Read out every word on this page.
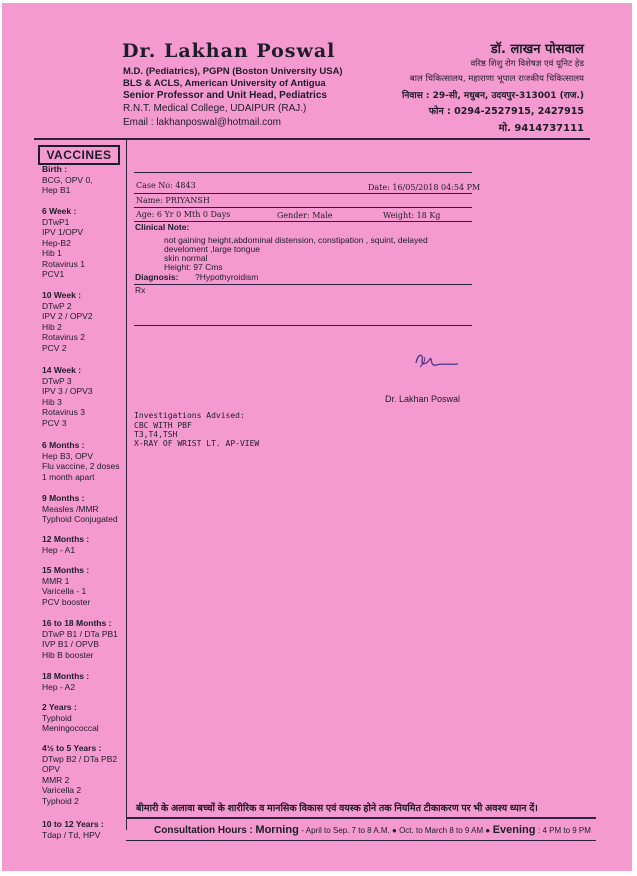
Dr. Lakhan Poswal
M.D. (Pediatrics), PGPN (Boston University USA)
BLS & ACLS, American University of Antigua
Senior Professor and Unit Head, Pediatrics
R.N.T. Medical College, UDAIPUR (RAJ.)
Email : lakhanposwal@hotmail.com
डॉ. लाखन पोसवाल
वरिष्ठ शिशु रोग विशेषज्ञ एवं यूनिट हेड
बाल चिकित्सालय, महाराणा भूपाल राजकीय चिकित्सालय
निवास : 29-सी, मधुबन, उदयपुर-313001 (राज.)
फोन : 0294-2527915, 2427915
मो. 9414737111
VACCINES
Birth :
BCG, OPV 0,
Hep B1
6 Week :
DTwP1
IPV 1/OPV
Hep-B2
Hib 1
Rotavirus 1
PCV1
10 Week :
DTwP 2
IPV 2 / OPV2
Hib 2
Rotavirus 2
PCV 2
14 Week :
DTwP 3
IPV 3 / OPV3
Hib 3
Rotavirus 3
PCV 3
6 Months :
Hep B3, OPV
Flu vaccine, 2 doses
1 month apart
9 Months :
Measles /MMR
Typhoid Conjugated
12 Months :
Hep - A1
15 Months :
MMR 1
Varicella - 1
PCV booster
16 to 18 Months :
DTwP B1 / DTa PB1
IVP B1 / OPVB
Hib B booster
18 Months :
Hep - A2
2 Years :
Typhoid
Meningococcal
4½ to 5 Years :
DTwp B2 / DTa PB2
OPV
MMR 2
Varicella 2
Typhoid 2
10 to 12 Years :
Tdap / Td, HPV
Case No: 4843	Date: 16/05/2018 04:54 PM
Name: PRIYANSH
Age: 6 Yr 0 Mth 0 Days	Gender: Male	Weight: 18 Kg
Clinical Note:
not gaining height,abdominal distension, constipation , squint, delayed
develoment ,large tongue
skin normal
Height: 97 Cms
Diagnosis: ?Hypothyroidism
Rx
Dr. Lakhan Poswal
Investigations Advised:
CBC WITH PBF
T3,T4,TSH
X-RAY OF WRIST LT. AP-VIEW
बीमारी के अलावा बच्चों के शारीरिक व मानसिक विकास एवं वयस्क होने तक नियमित टीकाकरण पर भी अवश्य ध्यान दें।
Consultation Hours : Morning - April to Sep. 7 to 8 A.M. ● Oct. to March 8 to 9 AM ● Evening : 4 PM to 9 PM
